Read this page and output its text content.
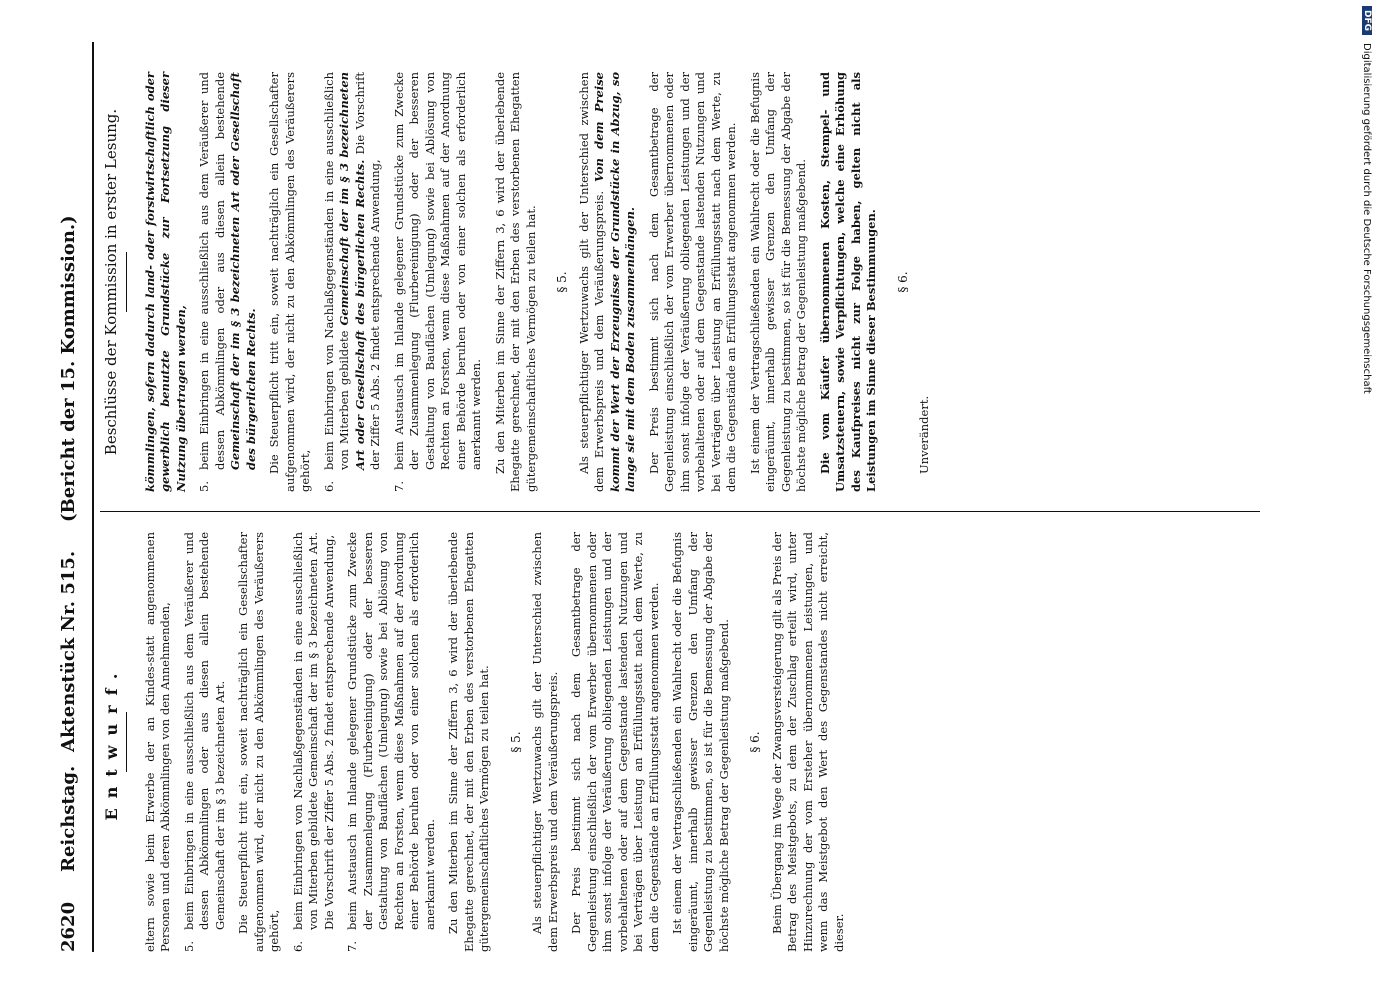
2620
Reichstag.
Aktenstück Nr. 515.
(Bericht der 15. Kommission.)
Entwurf. eltern sowie beim Erwerbe der an Kindes-statt angenommenen Personen und deren Abkömmlingen von den Annehmenden, 5.
beim Einbringen in eine ausschließlich aus dem Veräußerer und dessen Abkömmlingen oder aus diesen allein bestehende Gemeinschaft der im § 3 bezeichneten Art. Die Steuerpflicht tritt ein, soweit nachträglich ein Gesellschafter aufgenommen wird, der nicht zu den Abkömmlingen des Veräußerers gehört, 6.
beim Einbringen von Nachlaßgegenständen in eine ausschließlich von Miterben gebildete Gemeinschaft der im § 3 bezeichneten Art. Die Vorschrift der Ziffer 5 Abs. 2 findet entsprechende Anwendung,
7.
beim Austausch im Inlande gelegener Grundstücke zum Zwecke der Zusammenlegung (Flurbereinigung) oder der besseren Gestaltung von Bauflächen (Umlegung) sowie bei Ablösung von Rechten an Forsten, wenn diese Maßnahmen auf der Anordnung einer Behörde beruhen oder von einer solchen als erforderlich anerkannt werden. Zu den Miterben im Sinne der Ziffern 3, 6 wird der überlebende Ehegatte gerechnet, der mit den Erben des verstorbenen Ehegatten gütergemeinschaftliches Vermögen zu teilen hat. § 5. Als steuerpflichtiger Wertzuwachs gilt der Unterschied zwischen dem Erwerbspreis und dem Veräußerungspreis. Der Preis bestimmt sich nach dem Gesamtbetrage der Gegenleistung einschließlich der vom Erwerber übernommenen oder ihm sonst infolge der Veräußerung obliegenden Leistungen und der vorbehaltenen oder auf dem Gegenstande lastenden Nutzungen und bei Verträgen über Leistung an Erfüllungsstatt nach dem Werte, zu dem die Gegenstände an Erfüllungsstatt angenommen werden. Ist einem der Vertragschließenden ein Wahlrecht oder die Befugnis eingeräumt, innerhalb gewisser Grenzen den Umfang der Gegenleistung zu bestimmen, so ist für die Bemessung der Abgabe der höchste mögliche Betrag der Gegenleistung maßgebend. § 6. Beim Übergang im Wege der Zwangsversteigerung gilt als Preis der Betrag des Meistgebots, zu dem der Zuschlag erteilt wird, unter Hinzurechnung der vom Ersteher übernommenen Leistungen, und wenn das Meistgebot den Wert des Gegenstandes nicht erreicht, dieser.

Beschlüsse der Kommission in erster Lesung. kömmlingen, sofern dadurch land- oder forstwirtschaftlich oder gewerblich benutzte Grundstücke zur Fortsetzung dieser Nutzung übertragen werden, 5.
beim Einbringen in eine ausschließlich aus dem Veräußerer und dessen Abkömmlingen oder aus diesen allein bestehende Gemeinschaft der im § 3 bezeichneten Art oder Gesellschaft des bürgerlichen Rechts. Die Steuerpflicht tritt ein, soweit nachträglich ein Gesellschafter aufgenommen wird, der nicht zu den Abkömmlingen des Veräußerers gehört, 6.
beim Einbringen von Nachlaßgegenständen in eine ausschließlich von Miterben gebildete Gemeinschaft der im § 3 bezeichneten Art oder Gesellschaft des bürgerlichen Rechts. Die Vorschrift der Ziffer 5 Abs. 2 findet entsprechende Anwendung,
7.
beim Austausch im Inlande gelegener Grundstücke zum Zwecke der Zusammenlegung (Flurbereinigung) oder der besseren Gestaltung von Bauflächen (Umlegung) sowie bei Ablösung von Rechten an Forsten, wenn diese Maßnahmen auf der Anordnung einer Behörde beruhen oder von einer solchen als erforderlich anerkannt werden. Zu den Miterben im Sinne der Ziffern 3, 6 wird der überlebende Ehegatte gerechnet, der mit den Erben des verstorbenen Ehegatten gütergemeinschaftliches Vermögen zu teilen hat. § 5. Als steuerpflichtiger Wertzuwachs gilt der Unterschied zwischen dem Erwerbspreis und dem Veräußerungspreis. Von dem Preise kommt der Wert der Erzeugnisse der Grundstücke in Abzug, so lange sie mit dem Boden zusammenhängen. Der Preis bestimmt sich nach dem Gesamtbetrage der Gegenleistung einschließlich der vom Erwerber übernommenen oder ihm sonst infolge der Veräußerung obliegenden Leistungen und der vorbehaltenen oder auf dem Gegenstande lastenden Nutzungen und bei Verträgen über Leistung an Erfüllungsstatt nach dem Werte, zu dem die Gegenstände an Erfüllungsstatt angenommen werden. Ist einem der Vertragschließenden ein Wahlrecht oder die Befugnis eingeräumt, innerhalb gewisser Grenzen den Umfang der Gegenleistung zu bestimmen, so ist für die Bemessung der Abgabe der höchste mögliche Betrag der Gegenleistung maßgebend. Die vom Käufer übernommenen Kosten, Stempel- und Umsatzsteuern, sowie Verpflichtungen, welche eine Erhöhung des Kaufpreises nicht zur Folge haben, gelten nicht als Leistungen im Sinne dieser Bestimmungen. § 6.

Unverändert.

DFG
Digitalisierung gefördert durch die Deutsche Forschungsgemeinschaft
